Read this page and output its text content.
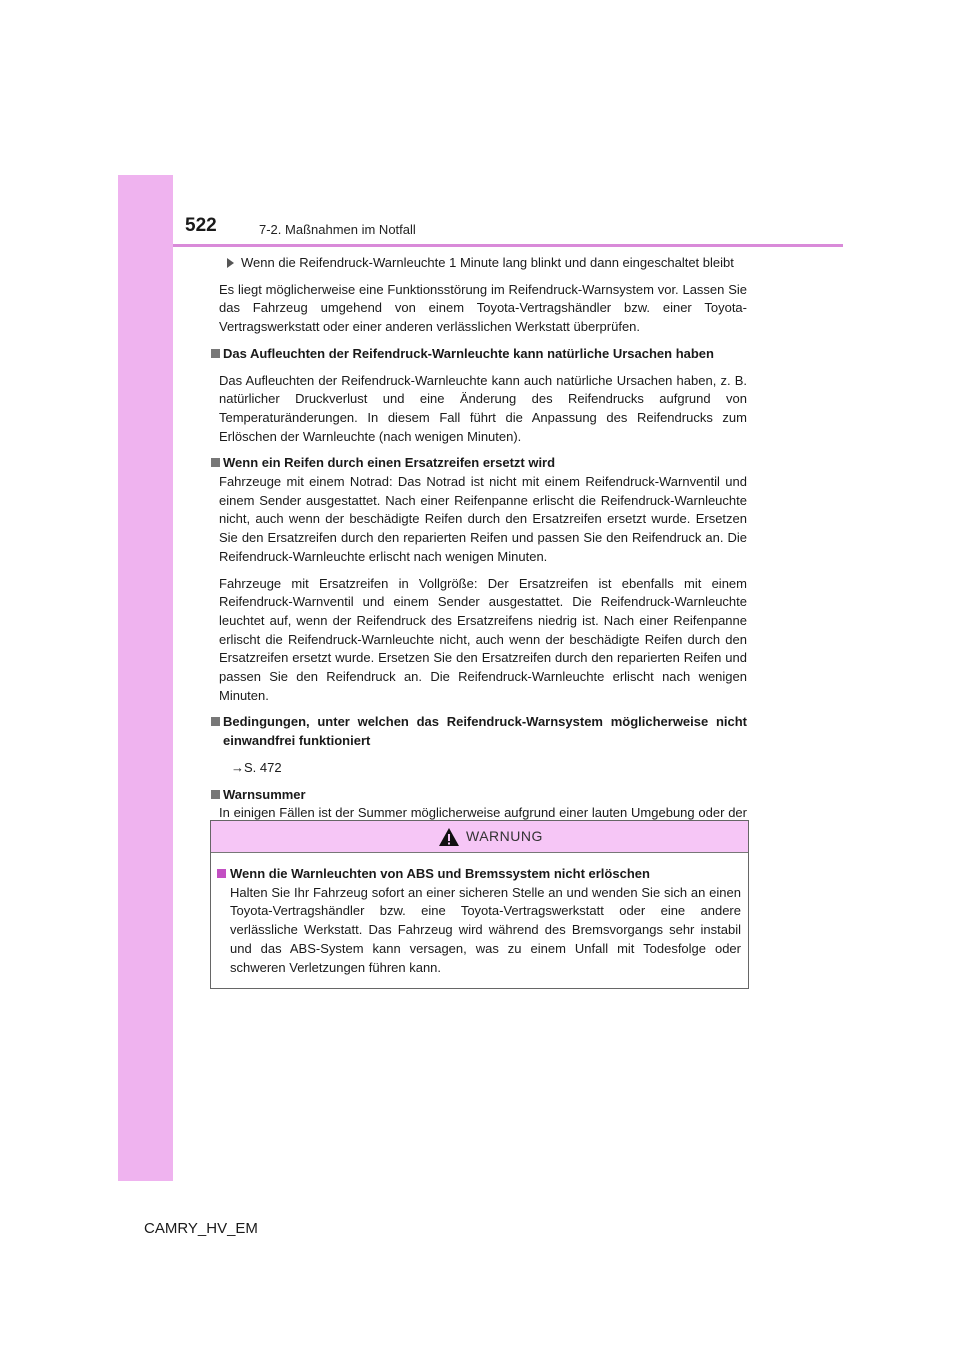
522	7-2. Maßnahmen im Notfall

Wenn die Reifendruck-Warnleuchte 1 Minute lang blinkt und dann eingeschaltet bleibt

Es liegt möglicherweise eine Funktionsstörung im Reifendruck-Warnsystem vor. Lassen Sie das Fahrzeug umgehend von einem Toyota-Vertragshändler bzw. einer Toyota-Vertragswerkstatt oder einer anderen verlässlichen Werkstatt überprüfen.

Das Aufleuchten der Reifendruck-Warnleuchte kann natürliche Ursachen haben

Das Aufleuchten der Reifendruck-Warnleuchte kann auch natürliche Ursachen haben, z. B. natürlicher Druckverlust und eine Änderung des Reifendrucks aufgrund von Temperaturänderungen. In diesem Fall führt die Anpassung des Reifendrucks zum Erlöschen der Warnleuchte (nach wenigen Minuten).

Wenn ein Reifen durch einen Ersatzreifen ersetzt wird

Fahrzeuge mit einem Notrad: Das Notrad ist nicht mit einem Reifendruck-Warnventil und einem Sender ausgestattet. Nach einer Reifenpanne erlischt die Reifendruck-Warnleuchte nicht, auch wenn der beschädigte Reifen durch den Ersatzreifen ersetzt wurde. Ersetzen Sie den Ersatzreifen durch den reparierten Reifen und passen Sie den Reifendruck an. Die Reifendruck-Warnleuchte erlischt nach wenigen Minuten.

Fahrzeuge mit Ersatzreifen in Vollgröße: Der Ersatzreifen ist ebenfalls mit einem Reifendruck-Warnventil und einem Sender ausgestattet. Die Reifendruck-Warnleuchte leuchtet auf, wenn der Reifendruck des Ersatzreifens niedrig ist. Nach einer Reifenpanne erlischt die Reifendruck-Warnleuchte nicht, auch wenn der beschädigte Reifen durch den Ersatzreifen ersetzt wurde. Ersetzen Sie den Ersatzreifen durch den reparierten Reifen und passen Sie den Reifendruck an. Die Reifendruck-Warnleuchte erlischt nach wenigen Minuten.

Bedingungen, unter welchen das Reifendruck-Warnsystem möglicherweise nicht einwandfrei funktioniert

→S. 472

Warnsummer

In einigen Fällen ist der Summer möglicherweise aufgrund einer lauten Umgebung oder der

WARNUNG

Wenn die Warnleuchten von ABS und Bremssystem nicht erlöschen

Halten Sie Ihr Fahrzeug sofort an einer sicheren Stelle an und wenden Sie sich an einen Toyota-Vertragshändler bzw. eine Toyota-Vertragswerkstatt oder eine andere verlässliche Werkstatt. Das Fahrzeug wird während des Bremsvorgangs sehr instabil und das ABS-System kann versagen, was zu einem Unfall mit Todesfolge oder schweren Verletzungen führen kann.

CAMRY_HV_EM
